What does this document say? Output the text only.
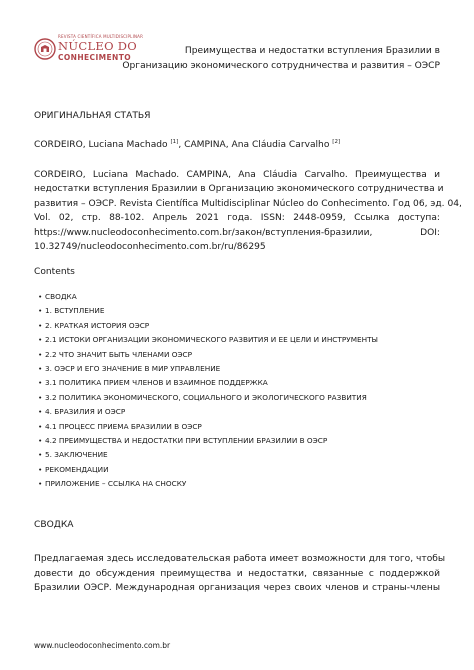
REVISTA CIENTÍFICA MULTIDISCIPLINAR
NÚCLEO DO
CONHECIMENTO
Преимущества и недостатки вступления Бразилии в
Организацию экономического сотрудничества и развития – ОЭСР
ОРИГИНАЛЬНАЯ СТАТЬЯ
CORDEIRO, Luciana Machado [1], CAMPINA, Ana Cláudia Carvalho [2]
CORDEIRO, Luciana Machado. CAMPINA, Ana Cláudia Carvalho. Преимущества и
недостатки вступления Бразилии в Организацию экономического сотрудничества и
развития – ОЭСР. Revista Científica Multidisciplinar Núcleo do Conhecimento. Год 06, эд. 04,
Vol. 02, стр. 88-102. Апрель 2021 года. ISSN: 2448-0959, Ссылка доступа:
https://www.nucleodoconhecimento.com.br/закон/вступления-бразилии,          DOI:
10.32749/nucleodoconhecimento.com.br/ru/86295
Contents
• СВОДКА
• 1. ВСТУПЛЕНИЕ
• 2. КРАТКАЯ ИСТОРИЯ ОЭСР
• 2.1 ИСТОКИ ОРГАНИЗАЦИИ ЭКОНОМИЧЕСКОГО РАЗВИТИЯ И ЕЕ ЦЕЛИ И ИНСТРУМЕНТЫ
• 2.2 ЧТО ЗНАЧИТ БЫТЬ ЧЛЕНАМИ ОЭСР
• 3. ОЭСР И ЕГО ЗНАЧЕНИЕ В МИР УПРАВЛЕНИЕ
• 3.1 ПОЛИТИКА ПРИЕМ ЧЛЕНОВ И ВЗАИМНОЕ ПОДДЕРЖКА
• 3.2 ПОЛИТИКА ЭКОНОМИЧЕСКОГО, СОЦИАЛЬНОГО И ЭКОЛОГИЧЕСКОГО РАЗВИТИЯ
• 4. БРАЗИЛИЯ И ОЭСР
• 4.1 ПРОЦЕСС ПРИЕМА БРАЗИЛИИ В ОЭСР
• 4.2 ПРЕИМУЩЕСТВА И НЕДОСТАТКИ ПРИ ВСТУПЛЕНИИ БРАЗИЛИИ В ОЭСР
• 5. ЗАКЛЮЧЕНИЕ
• РЕКОМЕНДАЦИИ
• ПРИЛОЖЕНИЕ – ССЫЛКА НА СНОСКУ
СВОДКА
Предлагаемая здесь исследовательская работа имеет возможности для того, чтобы
довести до обсуждения преимущества и недостатки, связанные с поддержкой
Бразилии ОЭСР. Международная организация через своих членов и страны-члены
www.nucleodoconhecimento.com.br
